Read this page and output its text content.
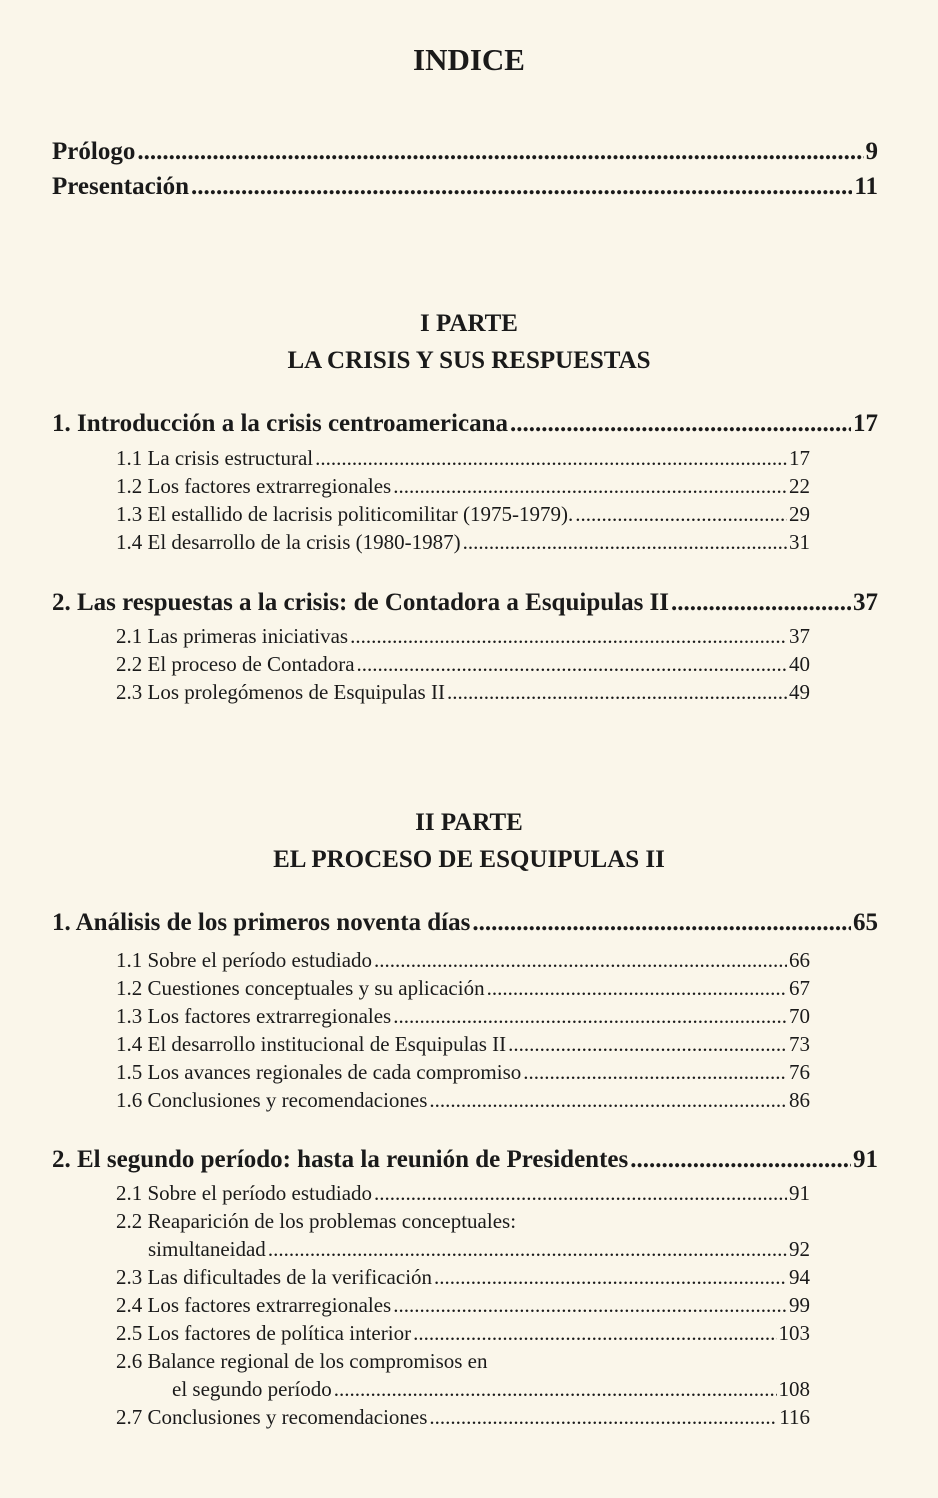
INDICE
Prólogo .....	9
Presentación .....	11
I PARTE
LA CRISIS Y SUS RESPUESTAS
1. Introducción a la crisis centroamericana .....	17
1.1 La crisis estructural .....	17
1.2 Los factores extrarregionales .....	22
1.3 El estallido de lacrisis politicomilitar (1975-1979). .....	29
1.4 El desarrollo de la crisis (1980-1987) .....	31
2. Las respuestas a la crisis: de Contadora a Esquipulas II .....	37
2.1 Las primeras iniciativas .....	37
2.2 El proceso de Contadora .....	40
2.3 Los prolegómenos de Esquipulas II .....	49
II PARTE
EL PROCESO DE ESQUIPULAS II
1. Análisis de los primeros noventa días .....	65
1.1 Sobre el período estudiado .....	66
1.2 Cuestiones conceptuales y su aplicación .....	67
1.3 Los factores extrarregionales .....	70
1.4 El desarrollo institucional de Esquipulas II .....	73
1.5 Los avances regionales de cada compromiso .....	76
1.6 Conclusiones y recomendaciones .....	86
2. El segundo período: hasta la reunión de Presidentes .....	91
2.1 Sobre el período estudiado .....	91
2.2 Reaparición de los problemas conceptuales:
simultaneidad .....	92
2.3 Las dificultades de la verificación .....	94
2.4 Los factores extrarregionales .....	99
2.5 Los factores de política interior .....	103
2.6 Balance regional de los compromisos en
el segundo período .....	108
2.7 Conclusiones y recomendaciones .....	116
